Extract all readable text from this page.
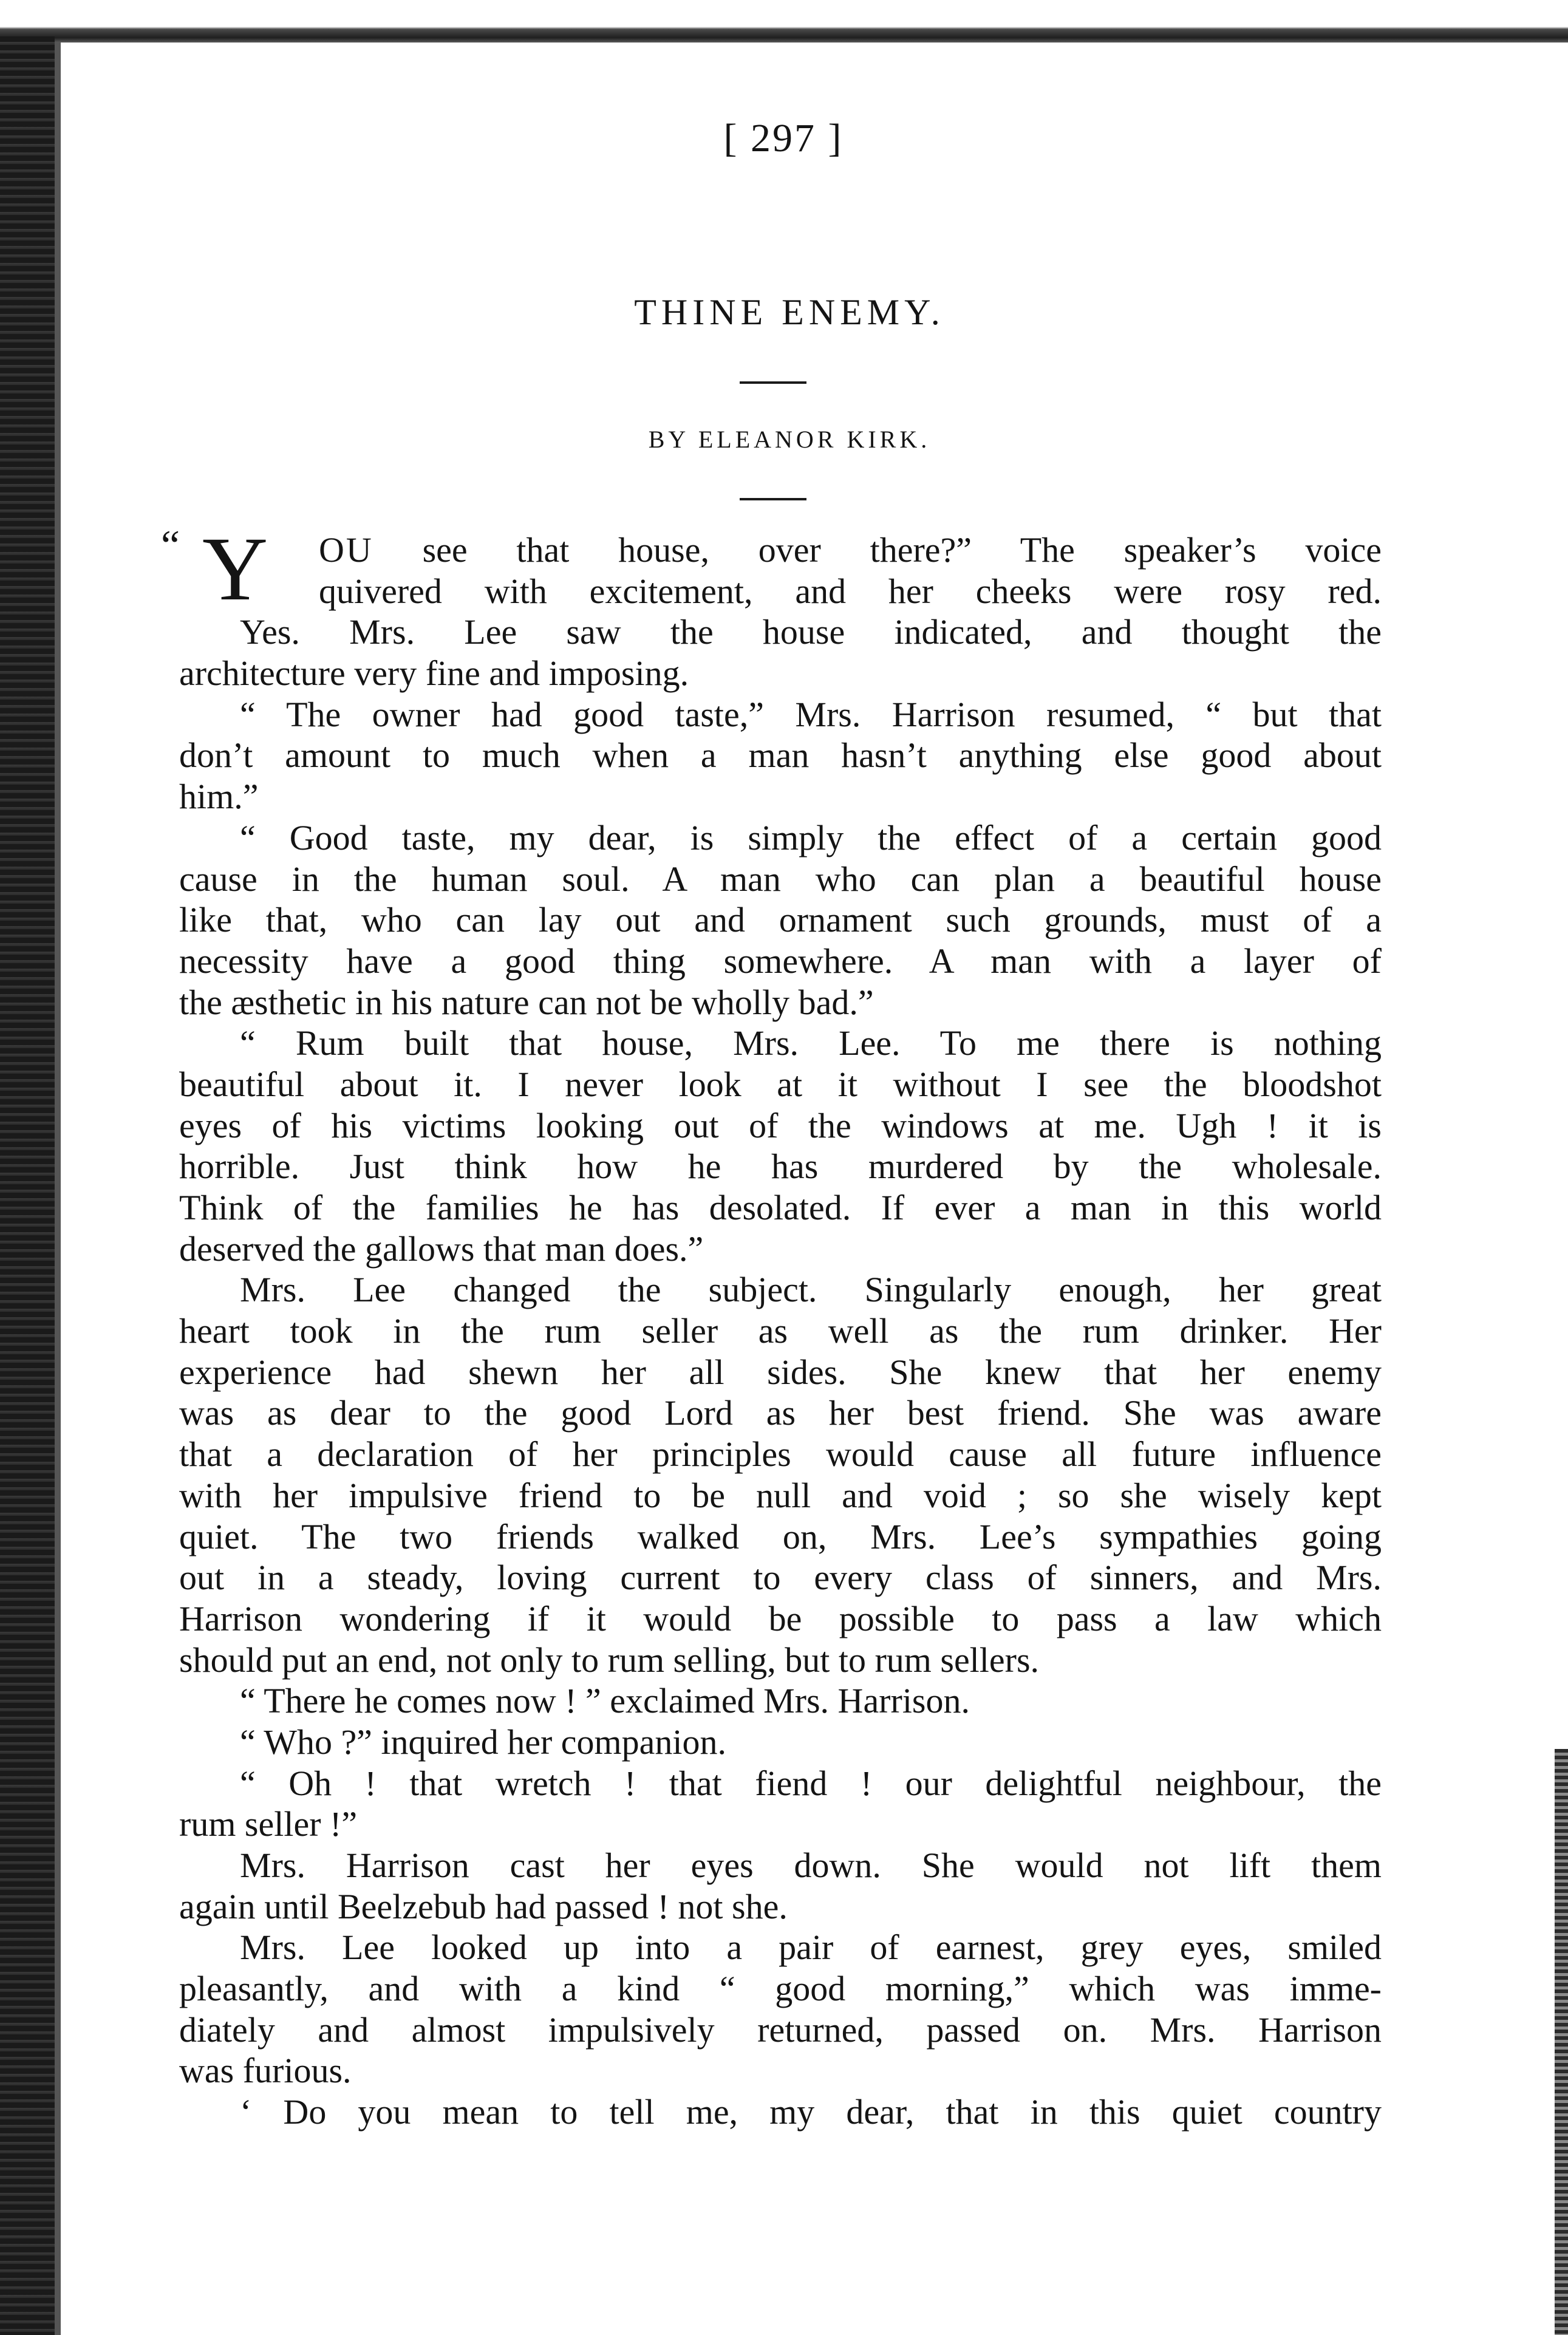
[ 297 ]
THINE ENEMY.
BY ELEANOR KIRK.
“ Y OU see that house, over there?” The speaker’s voice
quivered with excitement, and her cheeks were rosy red.
Yes. Mrs. Lee saw the house indicated, and thought the
architecture very fine and imposing.
“ The owner had good taste,” Mrs. Harrison resumed, “ but that
don’t amount to much when a man hasn’t anything else good about
him.”
“ Good taste, my dear, is simply the effect of a certain good
cause in the human soul. A man who can plan a beautiful house
like that, who can lay out and ornament such grounds, must of a
necessity have a good thing somewhere. A man with a layer of
the æsthetic in his nature can not be wholly bad.”
“ Rum built that house, Mrs. Lee. To me there is nothing
beautiful about it. I never look at it without I see the bloodshot
eyes of his victims looking out of the windows at me. Ugh ! it is
horrible. Just think how he has murdered by the wholesale.
Think of the families he has desolated. If ever a man in this world
deserved the gallows that man does.”
Mrs. Lee changed the subject. Singularly enough, her great
heart took in the rum seller as well as the rum drinker. Her
experience had shewn her all sides. She knew that her enemy
was as dear to the good Lord as her best friend. She was aware
that a declaration of her principles would cause all future influence
with her impulsive friend to be null and void ; so she wisely kept
quiet. The two friends walked on, Mrs. Lee’s sympathies going
out in a steady, loving current to every class of sinners, and Mrs.
Harrison wondering if it would be possible to pass a law which
should put an end, not only to rum selling, but to rum sellers.
“ There he comes now ! ” exclaimed Mrs. Harrison.
“ Who ?” inquired her companion.
“ Oh ! that wretch ! that fiend ! our delightful neighbour, the
rum seller !”
Mrs. Harrison cast her eyes down. She would not lift them
again until Beelzebub had passed ! not she.
Mrs. Lee looked up into a pair of earnest, grey eyes, smiled
pleasantly, and with a kind “ good morning,” which was imme-
diately and almost impulsively returned, passed on. Mrs. Harrison
was furious.
‘ Do you mean to tell me, my dear, that in this quiet country
